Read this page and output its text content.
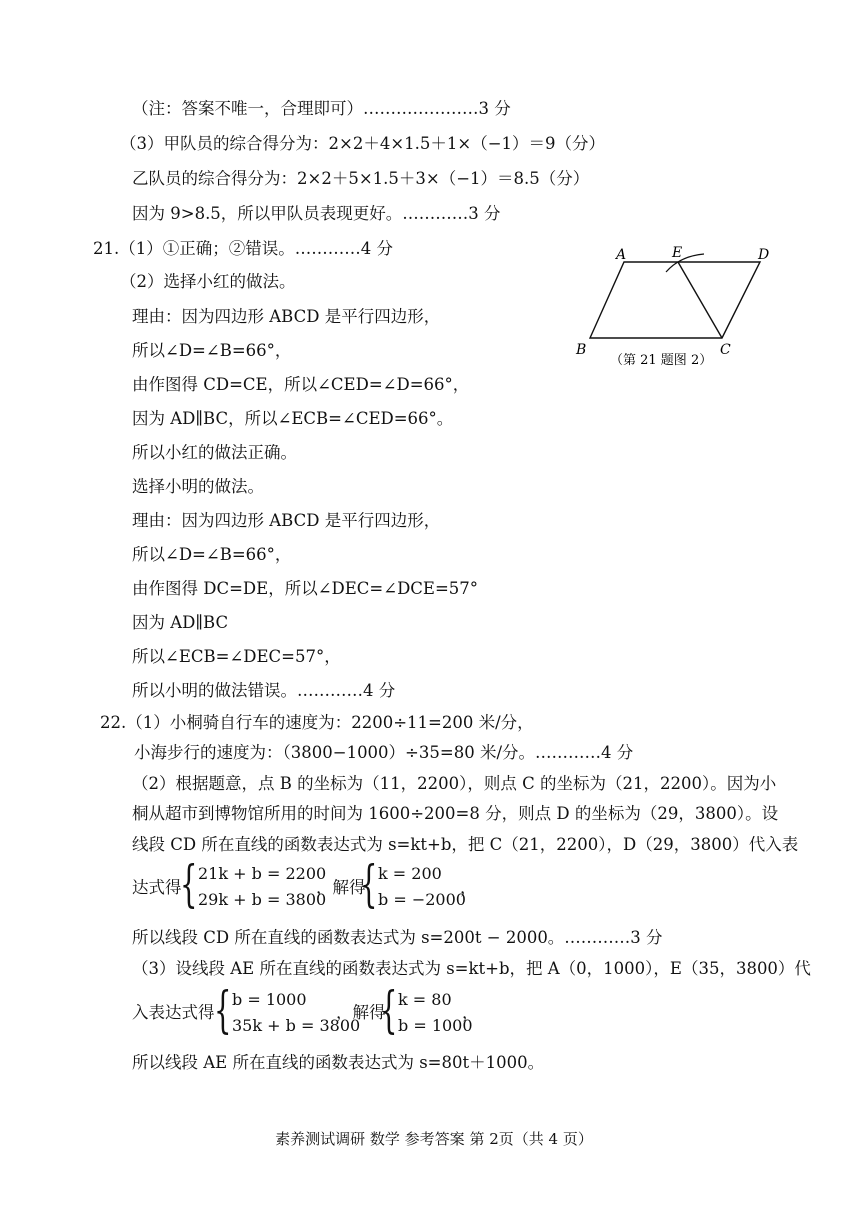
（注：答案不唯一，合理即可）…………………3 分
（3）甲队员的综合得分为：2×2＋4×1.5＋1×（−1）＝9（分）
乙队员的综合得分为：2×2＋5×1.5＋3×（−1）＝8.5（分）
因为 9>8.5，所以甲队员表现更好。…………3 分
21.（1）①正确；②错误。…………4 分
（2）选择小红的做法。
理由：因为四边形 ABCD 是平行四边形，
所以∠D=∠B=66°，
由作图得 CD=CE，所以∠CED=∠D=66°，
因为 AD∥BC，所以∠ECB=∠CED=66°。
所以小红的做法正确。
选择小明的做法。
理由：因为四边形 ABCD 是平行四边形，
所以∠D=∠B=66°，
由作图得 DC=DE，所以∠DEC=∠DCE=57°
因为 AD∥BC
所以∠ECB=∠DEC=57°，
所以小明的做法错误。…………4 分
A	E	D
B	C
（第 21 题图 2）
22.（1）小桐骑自行车的速度为：2200÷11=200 米/分，
小海步行的速度为：（3800−1000）÷35=80 米/分。…………4 分
（2）根据题意，点 B 的坐标为（11，2200），则点 C 的坐标为（21，2200）。因为小
桐从超市到博物馆所用的时间为 1600÷200=8 分，则点 D 的坐标为（29，3800）。设
线段 CD 所在直线的函数表达式为 s=kt+b，把 C（21，2200），D（29，3800）代入表
达式得
{ 21k + b = 2200
29k + b = 3800
，解得
{ k = 200
b = −2000
，
所以线段 CD 所在直线的函数表达式为 s=200t − 2000。…………3 分
（3）设线段 AE 所在直线的函数表达式为 s=kt+b，把 A（0，1000），E（35，3800）代
入表达式得 { b = 1000
35k + b = 3800
，解得
{ k = 80
b = 1000
，
所以线段 AE 所在直线的函数表达式为 s=80t＋1000。
素养测试调研 数学 参考答案 第 2页（共 4 页）
